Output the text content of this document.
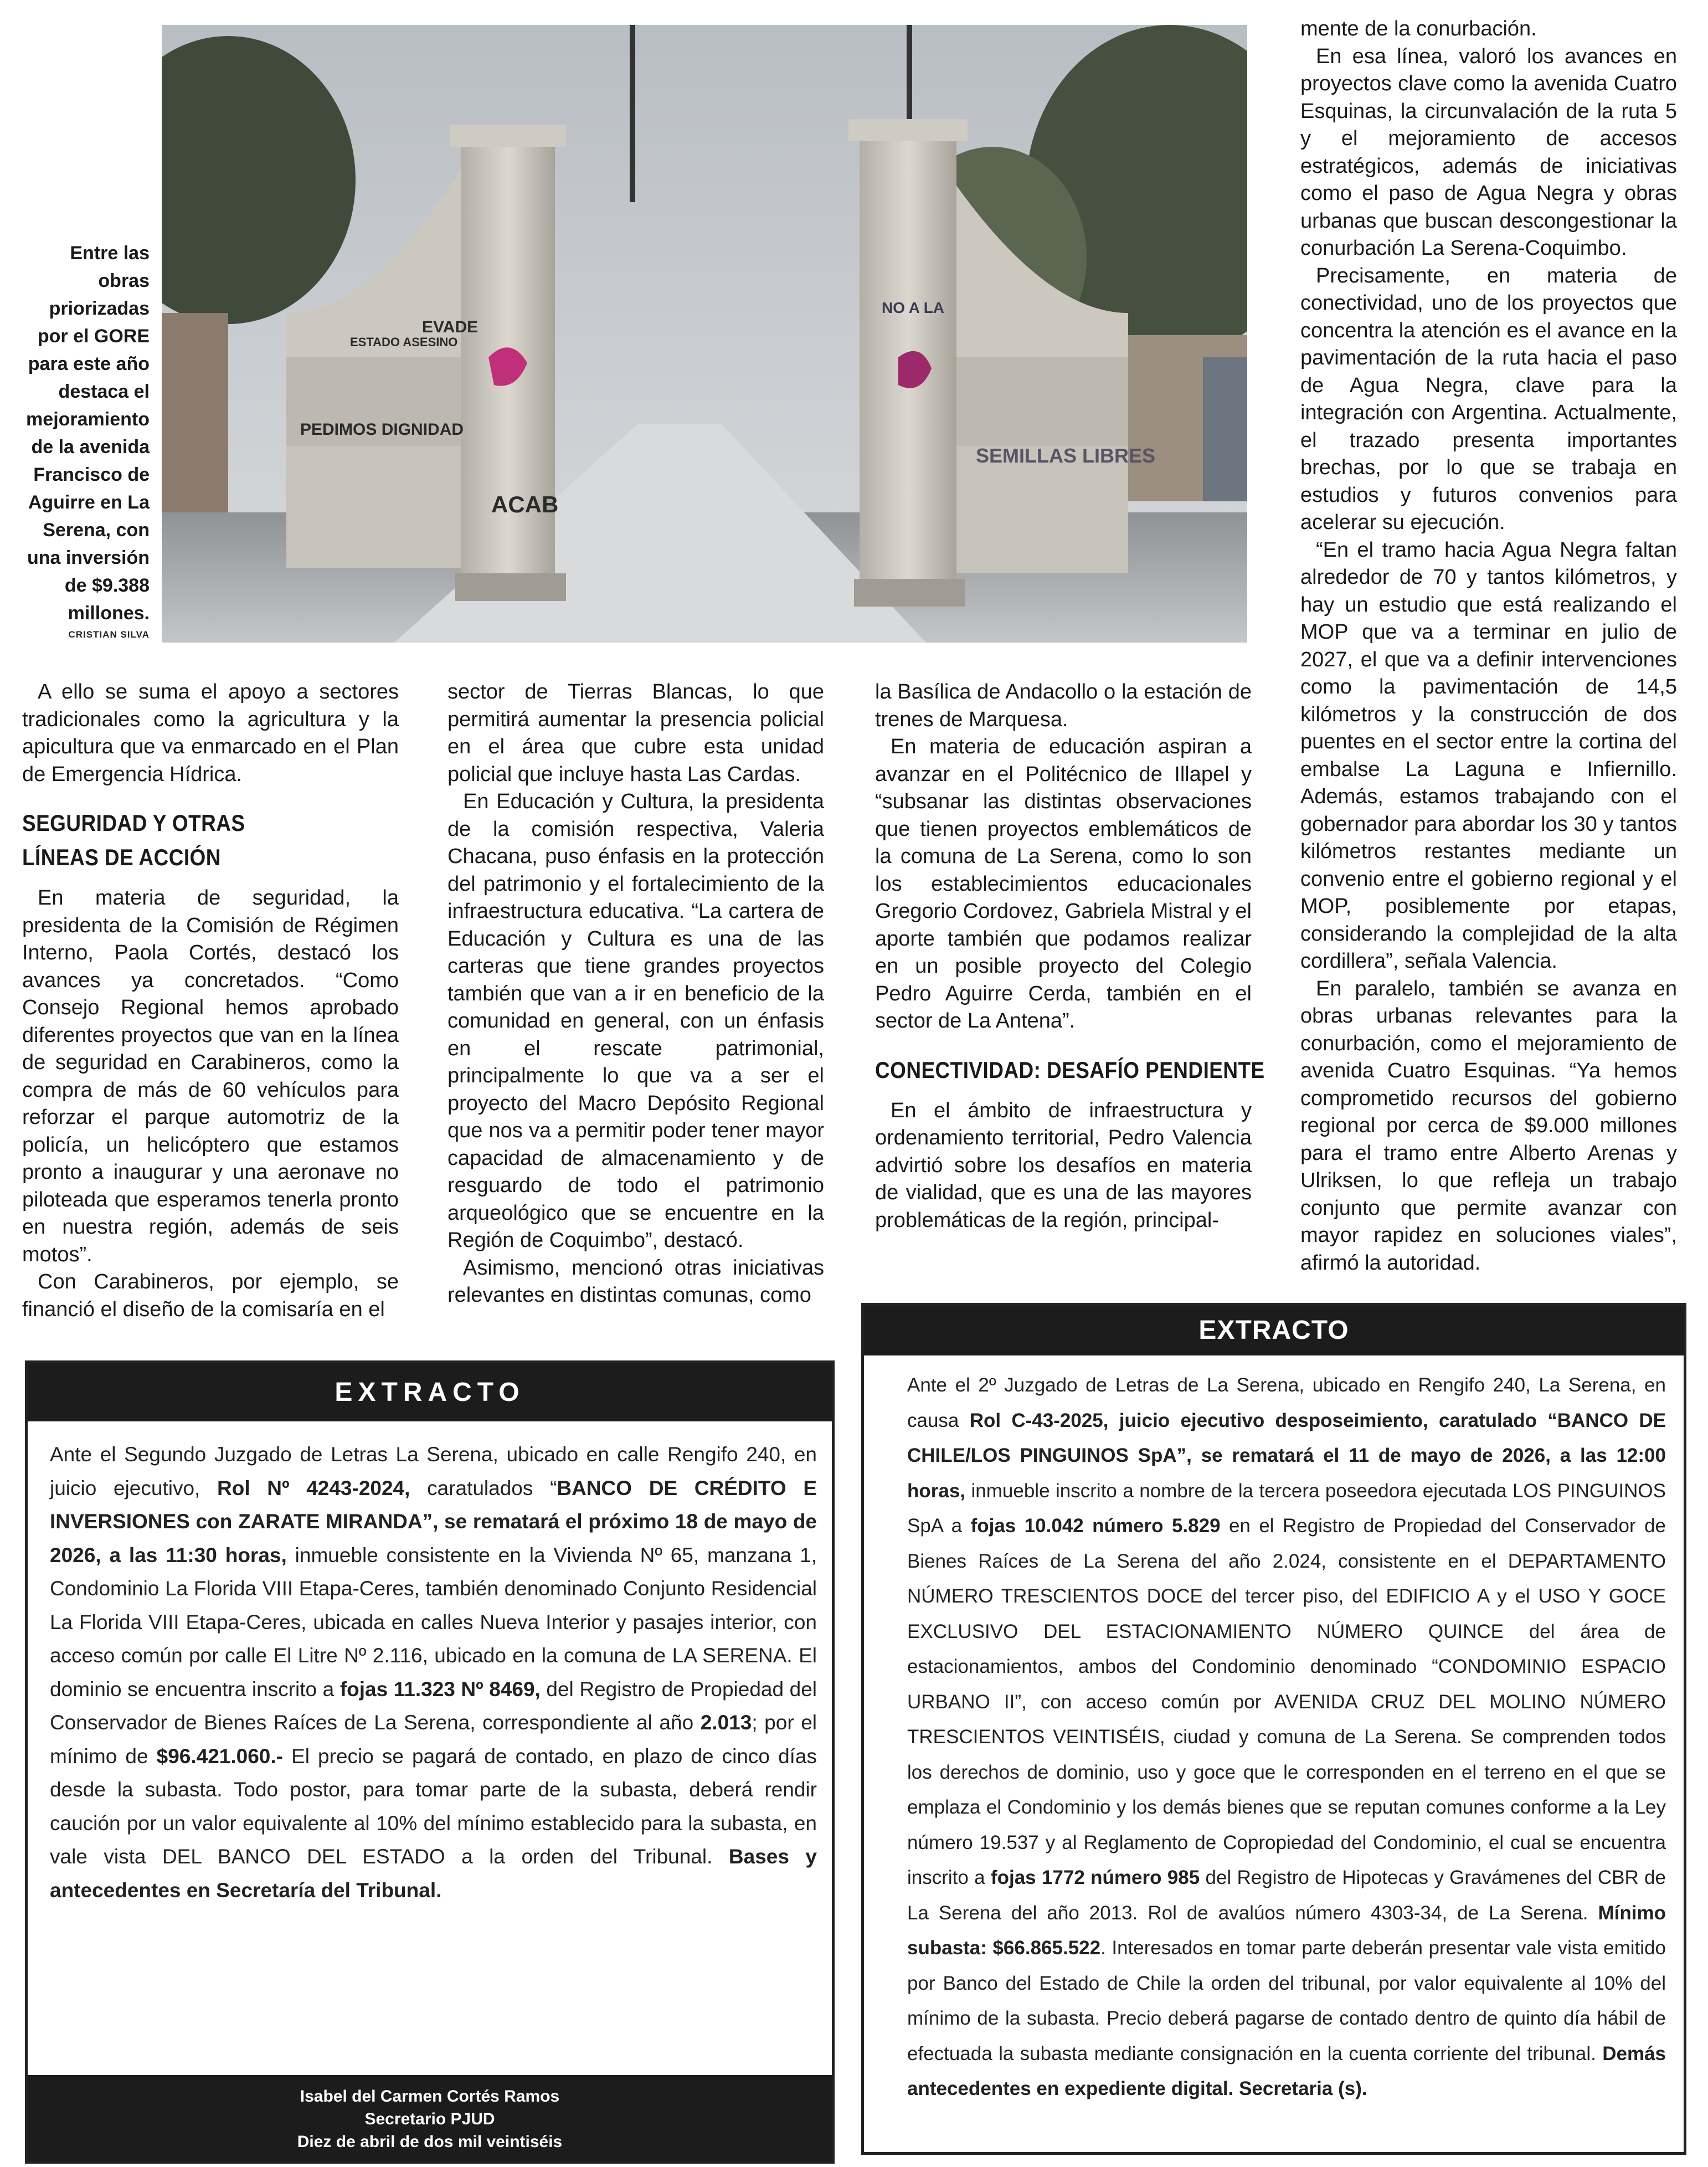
ESTADO ASESINO
EVADE
PEDIMOS DIGNIDAD
ACAB
SEMILLAS LIBRES
NO A LA
Entre las obras priorizadas por el GORE para este año destaca el mejoramiento de la avenida Francisco de Aguirre en La Serena, con una inversión de $9.388 millones.
CRISTIAN SILVA

A ello se suma el apoyo a sectores tradicionales como la agricultura y la apicultura que va enmarcado en el Plan de Emergencia Hídrica.

SEGURIDAD Y OTRAS
LÍNEAS DE ACCIÓN

En materia de seguridad, la presidenta de la Comisión de Régimen Interno, Paola Cortés, destacó los avances ya concretados. “Como Consejo Regional hemos aprobado diferentes proyectos que van en la línea de seguridad en Carabineros, como la compra de más de 60 vehículos para reforzar el parque automotriz de la policía, un helicóptero que estamos pronto a inaugurar y una aeronave no piloteada que esperamos tenerla pronto en nuestra región, además de seis motos”.

Con Carabineros, por ejemplo, se financió el diseño de la comisaría en el

sector de Tierras Blancas, lo que permitirá aumentar la presencia policial en el área que cubre esta unidad policial que incluye hasta Las Cardas.

En Educación y Cultura, la presidenta de la comisión respectiva, Valeria Chacana, puso énfasis en la protección del patrimonio y el fortalecimiento de la infraestructura educativa. “La cartera de Educación y Cultura es una de las carteras que tiene grandes proyectos también que van a ir en beneficio de la comunidad en general, con un énfasis en el rescate patrimonial, principalmente lo que va a ser el proyecto del Macro Depósito Regional que nos va a permitir poder tener mayor capacidad de almacenamiento y de resguardo de todo el patrimonio arqueológico que se encuentre en la Región de Coquimbo”, destacó.

Asimismo, mencionó otras iniciativas relevantes en distintas comunas, como

la Basílica de Andacollo o la estación de trenes de Marquesa.

En materia de educación aspiran a avanzar en el Politécnico de Illapel y “subsanar las distintas observaciones que tienen proyectos emblemáticos de la comuna de La Serena, como lo son los establecimientos educacionales Gregorio Cordovez, Gabriela Mistral y el aporte también que podamos realizar en un posible proyecto del Colegio Pedro Aguirre Cerda, también en el sector de La Antena”.

CONECTIVIDAD: DESAFÍO PENDIENTE

En el ámbito de infraestructura y ordenamiento territorial, Pedro Valencia advirtió sobre los desafíos en materia de vialidad, que es una de las mayores problemáticas de la región, principal-

mente de la conurbación.

En esa línea, valoró los avances en proyectos clave como la avenida Cuatro Esquinas, la circunvalación de la ruta 5 y el mejoramiento de accesos estratégicos, además de iniciativas como el paso de Agua Negra y obras urbanas que buscan descongestionar la conurbación La Serena-Coquimbo.

Precisamente, en materia de conectividad, uno de los proyectos que concentra la atención es el avance en la pavimentación de la ruta hacia el paso de Agua Negra, clave para la integración con Argentina. Actualmente, el trazado presenta importantes brechas, por lo que se trabaja en estudios y futuros convenios para acelerar su ejecución.

“En el tramo hacia Agua Negra faltan alrededor de 70 y tantos kilómetros, y hay un estudio que está realizando el MOP que va a terminar en julio de 2027, el que va a definir intervenciones como la pavimentación de 14,5 kilómetros y la construcción de dos puentes en el sector entre la cortina del embalse La Laguna e Infiernillo. Además, estamos trabajando con el gobernador para abordar los 30 y tantos kilómetros restantes mediante un convenio entre el gobierno regional y el MOP, posiblemente por etapas, considerando la complejidad de la alta cordillera”, señala Valencia.

En paralelo, también se avanza en obras urbanas relevantes para la conurbación, como el mejoramiento de avenida Cuatro Esquinas. “Ya hemos comprometido recursos del gobierno regional por cerca de $9.000 millones para el tramo entre Alberto Arenas y Ulriksen, lo que refleja un trabajo conjunto que permite avanzar con mayor rapidez en soluciones viales”, afirmó la autoridad.

EXTRACTO
Ante el Segundo Juzgado de Letras La Serena, ubicado en calle Rengifo 240, en juicio ejecutivo, Rol Nº 4243-2024, caratulados “BANCO DE CRÉDITO E INVERSIONES con ZARATE MIRANDA”, se rematará el próximo 18 de mayo de 2026, a las 11:30 horas, inmueble consistente en la Vivienda Nº 65, manzana 1, Condominio La Florida VIII Etapa-Ceres, también denominado Conjunto Residencial La Florida VIII Etapa-Ceres, ubicada en calles Nueva Interior y pasajes interior, con acceso común por calle El Litre Nº 2.116, ubicado en la comuna de LA SERENA. El dominio se encuentra inscrito a fojas 11.323 Nº 8469, del Registro de Propiedad del Conservador de Bienes Raíces de La Serena, correspondiente al año 2.013; por el mínimo de $96.421.060.- El precio se pagará de contado, en plazo de cinco días desde la subasta. Todo postor, para tomar parte de la subasta, deberá rendir caución por un valor equivalente al 10% del mínimo establecido para la subasta, en vale vista DEL BANCO DEL ESTADO a la orden del Tribunal. Bases y antecedentes en Secretaría del Tribunal.
Isabel del Carmen Cortés Ramos
Secretario PJUD
Diez de abril de dos mil veintiséis
EXTRACTO
Ante el 2º Juzgado de Letras de La Serena, ubicado en Rengifo 240, La Serena, en causa Rol C-43-2025, juicio ejecutivo desposeimiento, caratulado “BANCO DE CHILE/LOS PINGUINOS SpA”, se rematará el 11 de mayo de 2026, a las 12:00 horas, inmueble inscrito a nombre de la tercera poseedora ejecutada LOS PINGUINOS SpA a fojas 10.042 número 5.829 en el Registro de Propiedad del Conservador de Bienes Raíces de La Serena del año 2.024, consistente en el DEPARTAMENTO NÚMERO TRESCIENTOS DOCE del tercer piso, del EDIFICIO A y el USO Y GOCE EXCLUSIVO DEL ESTACIONAMIENTO NÚMERO QUINCE del área de estacionamientos, ambos del Condominio denominado “CONDOMINIO ESPACIO URBANO II”, con acceso común por AVENIDA CRUZ DEL MOLINO NÚMERO TRESCIENTOS VEINTISÉIS, ciudad y comuna de La Serena. Se comprenden todos los derechos de dominio, uso y goce que le corresponden en el terreno en el que se emplaza el Condominio y los demás bienes que se reputan comunes conforme a la Ley número 19.537 y al Reglamento de Copropiedad del Condominio, el cual se encuentra inscrito a fojas 1772 número 985 del Registro de Hipotecas y Gravámenes del CBR de La Serena del año 2013. Rol de avalúos número 4303-34, de La Serena. Mínimo subasta: $66.865.522. Interesados en tomar parte deberán presentar vale vista emitido por Banco del Estado de Chile la orden del tribunal, por valor equivalente al 10% del mínimo de la subasta. Precio deberá pagarse de contado dentro de quinto día hábil de efectuada la subasta mediante consignación en la cuenta corriente del tribunal. Demás antecedentes en expediente digital. Secretaria (s).
